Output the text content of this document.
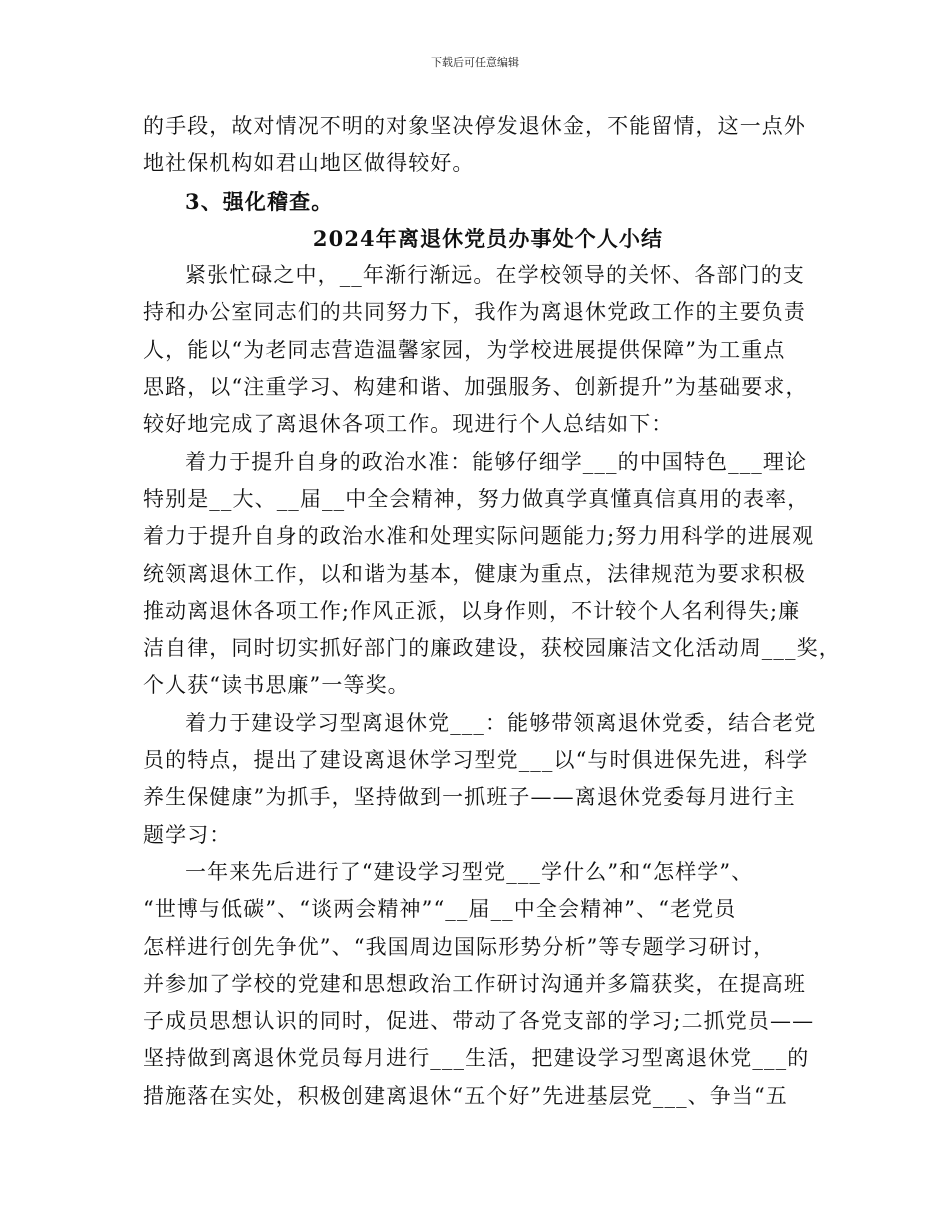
下载后可任意编辑
的手段，故对情况不明的对象坚决停发退休金，不能留情，这一点外
地社保机构如君山地区做得较好。
3、强化稽查。
2024年离退休党员办事处个人小结
紧张忙碌之中，__年渐行渐远。在学校领导的关怀、各部门的支
持和办公室同志们的共同努力下，我作为离退休党政工作的主要负责
人，能以“为老同志营造温馨家园，为学校进展提供保障”为工重点
思路，以“注重学习、构建和谐、加强服务、创新提升”为基础要求，
较好地完成了离退休各项工作。现进行个人总结如下：
着力于提升自身的政治水准：能够仔细学___的中国特色___理论
特别是__大、__届__中全会精神，努力做真学真懂真信真用的表率，
着力于提升自身的政治水准和处理实际问题能力;努力用科学的进展观
统领离退休工作，以和谐为基本，健康为重点，法律规范为要求积极
推动离退休各项工作;作风正派，以身作则，不计较个人名利得失;廉
洁自律，同时切实抓好部门的廉政建设，获校园廉洁文化活动周___奖，
个人获“读书思廉”一等奖。
着力于建设学习型离退休党___：能够带领离退休党委，结合老党
员的特点，提出了建设离退休学习型党___以“与时俱进保先进，科学
养生保健康”为抓手，坚持做到一抓班子——离退休党委每月进行主
题学习：
一年来先后进行了“建设学习型党___学什么”和“怎样学”、
“世博与低碳”、“谈两会精神”“__届__中全会精神”、“老党员
怎样进行创先争优”、“我国周边国际形势分析”等专题学习研讨，
并参加了学校的党建和思想政治工作研讨沟通并多篇获奖，在提高班
子成员思想认识的同时，促进、带动了各党支部的学习;二抓党员——
坚持做到离退休党员每月进行___生活，把建设学习型离退休党___的
措施落在实处，积极创建离退休“五个好”先进基层党___、争当“五
